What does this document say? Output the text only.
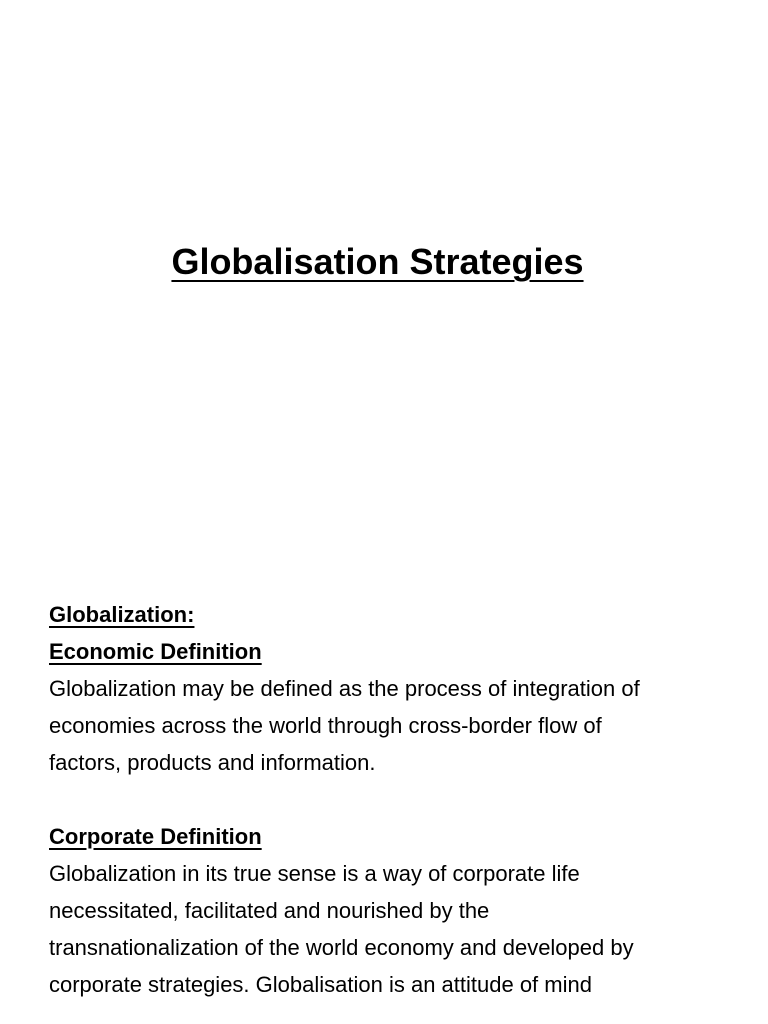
Globalisation Strategies
Globalization:
Economic Definition
Globalization may be defined as the process of integration of
economies across the world through cross-border flow of
factors, products and information.
Corporate Definition
Globalization in its true sense is a way of corporate life
necessitated, facilitated and nourished by the
transnationalization of the world economy and developed by
corporate strategies. Globalisation is an attitude of mind
